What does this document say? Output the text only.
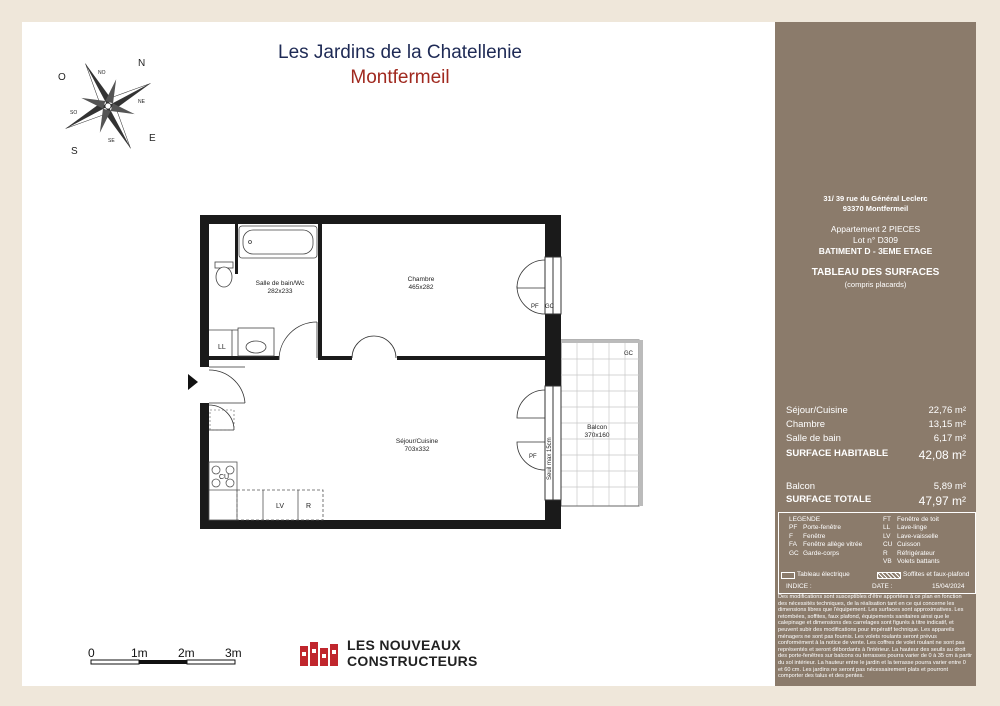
Les Jardins de la Chatellenie
Montfermeil
N
NE
E
SE
S
SO
O	NO
Salle de bain/Wc
282x233
Chambre
465x282
Séjour/Cuisine
703x332
Balcon
370x160
LL
CU
LV	R
PF
PF
GC
GC
Seuil max 15cm
0	1m	2m	3m	LES NOUVEAUX
CONSTRUCTEURS
31/ 39 rue du Général Leclerc
93370 Montfermeil
Appartement 2 PIECES
Lot n° D309
BATIMENT D - 3EME ETAGE
TABLEAU DES SURFACES
(compris placards)
Séjour/Cuisine	22,76 m²
Chambre	13,15 m²
Salle de bain	6,17 m²
SURFACE HABITABLE	42,08 m²
Balcon	5,89 m²
SURFACE TOTALE	47,97 m²
LEGENDE
PF Porte-fenêtre
F Fenêtre
FA Fenêtre allège vitrée
GC Garde-corps
FT Fenêtre de toit
LL Lave-linge
LV Lave-vaisselle
CU Cuisson
R Réfrigérateur
VB Volets battants
Tableau électrique	Soffites et faux-plafond
INDICE :	DATE :	15/04/2024
Des modifications sont susceptibles d'être apportées à ce plan en fonction des nécessités techniques, de la réalisation tant en ce qui concerne les dimensions libres que l'équipement. Les surfaces sont approximatives. Les retombées, soffites, faux plafond, équipements sanitaires ainsi que le calepinage et dimensions des carrelages sont figurés à titre indicatif, et peuvent subir des modifications pour impératif technique. Les appareils ménagers ne sont pas fournis. Les volets roulants seront prévus conformément à la notice de vente. Les coffres de volet roulant ne sont pas représentés et seront débordants à l'intérieur. La hauteur des seuils au droit des porte-fenêtres sur balcons ou terrasses pourra varier de 0 à 35 cm à partir du sol intérieur. La hauteur entre le jardin et la terrasse pourra varier entre 0 et 60 cm. Les jardins ne seront pas nécessairement plats et pourront comporter des talus et des pentes.
